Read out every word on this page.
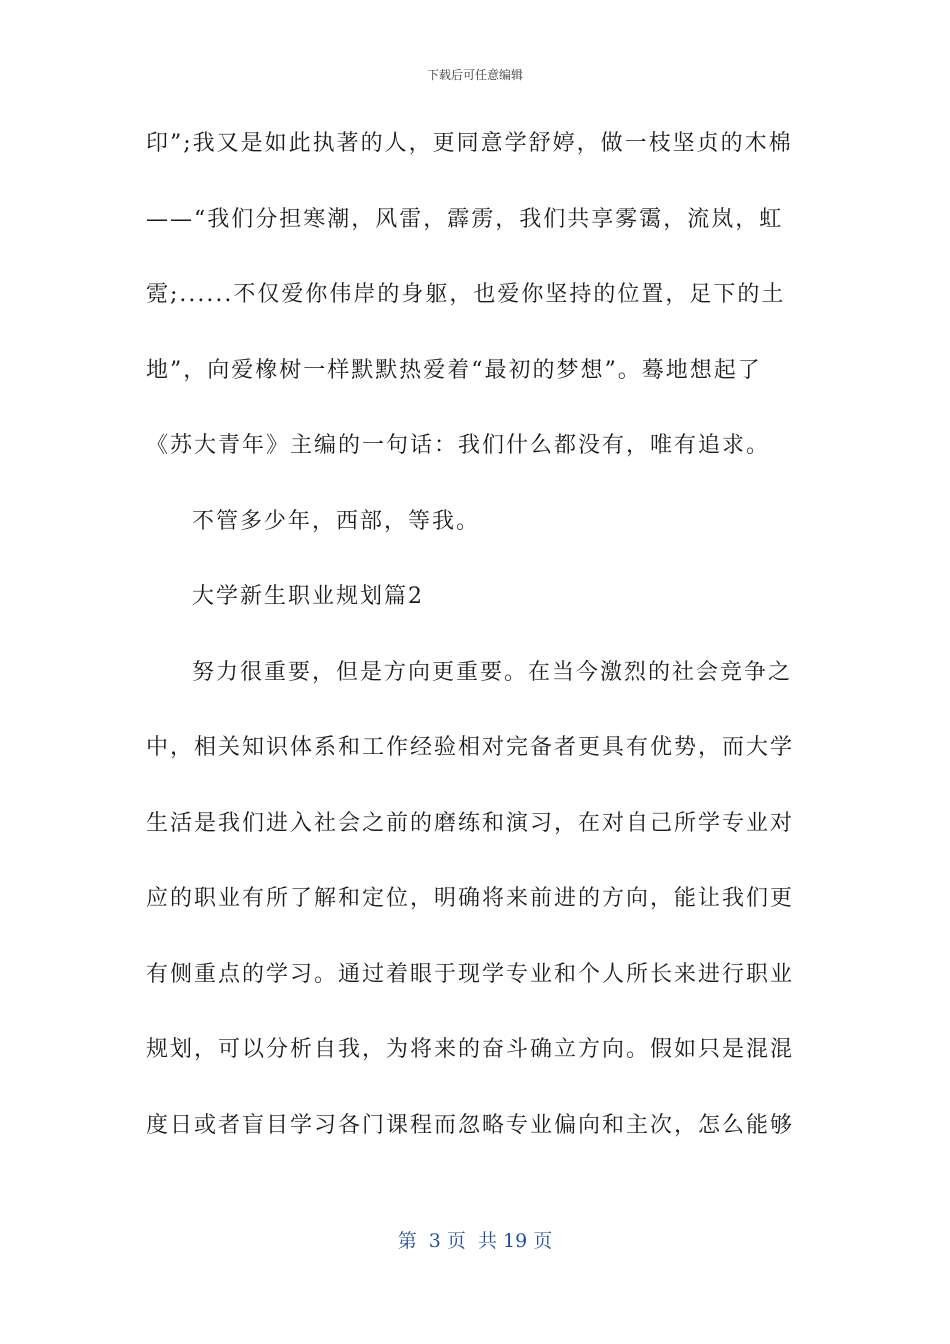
下载后可任意编辑
印”;我又是如此执著的人，更同意学舒婷，做一枝坚贞的木棉
——“我们分担寒潮，风雷，霹雳，我们共享雾霭，流岚，虹
霓;......不仅爱你伟岸的身躯，也爱你坚持的位置，足下的土
地”，向爱橡树一样默默热爱着“最初的梦想”。蓦地想起了
《苏大青年》主编的一句话：我们什么都没有，唯有追求。
不管多少年，西部，等我。
大学新生职业规划篇2
努力很重要，但是方向更重要。在当今激烈的社会竞争之
中，相关知识体系和工作经验相对完备者更具有优势，而大学
生活是我们进入社会之前的磨练和演习，在对自己所学专业对
应的职业有所了解和定位，明确将来前进的方向，能让我们更
有侧重点的学习。通过着眼于现学专业和个人所长来进行职业
规划，可以分析自我，为将来的奋斗确立方向。假如只是混混
度日或者盲目学习各门课程而忽略专业偏向和主次，怎么能够
第  3 页  共 19 页
